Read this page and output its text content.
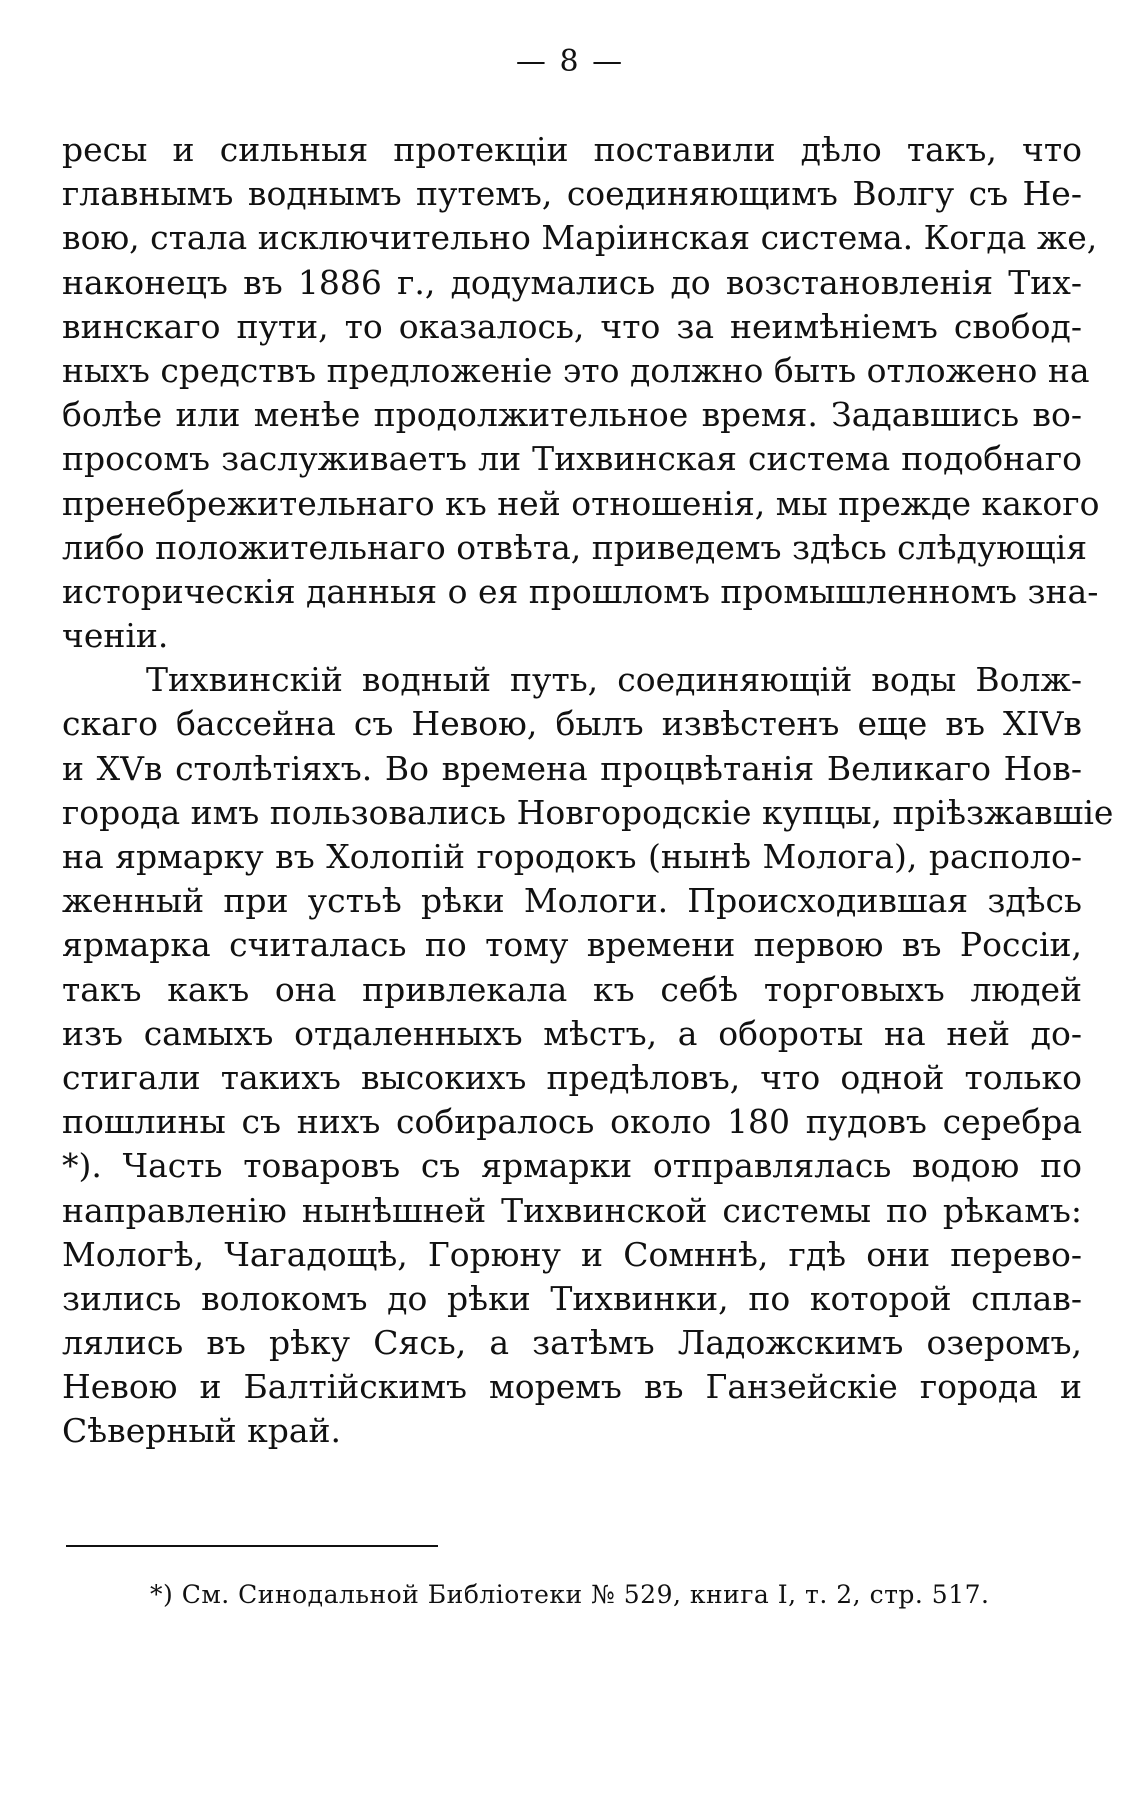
— 8 —
ресы и сильныя протекціи поставили дѣло такъ, что
главнымъ воднымъ путемъ, соединяющимъ Волгу съ Не-
вою, стала исключительно Маріинская система. Когда же,
наконецъ въ 1886 г., додумались до возстановленія Тих-
винскаго пути, то оказалось, что за неимѣніемъ свобод-
ныхъ средствъ предложеніе это должно быть отложено на
болѣе или менѣе продолжительное время. Задавшись во-
просомъ заслуживаетъ ли Тихвинская система подобнаго
пренебрежительнаго къ ней отношенія, мы прежде какого
либо положительнаго отвѣта, приведемъ здѣсь слѣдующія
историческія данныя о ея прошломъ промышленномъ зна-
ченіи.
Тихвинскій водный путь, соединяющій воды Волж-
скаго бассейна съ Невою, былъ извѣстенъ еще въ XIVв
и XVв столѣтіяхъ. Во времена процвѣтанія Великаго Нов-
города имъ пользовались Новгородскіе купцы, пріѣзжавшіе
на ярмарку въ Холопій городокъ (нынѣ Молога), располо-
женный при устьѣ рѣки Мологи. Происходившая здѣсь
ярмарка считалась по тому времени первою въ Россіи,
такъ какъ она привлекала къ себѣ торговыхъ людей
изъ самыхъ отдаленныхъ мѣстъ, а обороты на ней до-
стигали такихъ высокихъ предѣловъ, что одной только
пошлины съ нихъ собиралось около 180 пудовъ серебра
*). Часть товаровъ съ ярмарки отправлялась водою по
направленію нынѣшней Тихвинской системы по рѣкамъ:
Мологѣ, Чагадощѣ, Горюну и Сомннѣ, гдѣ они перево-
зились волокомъ до рѣки Тихвинки, по которой сплав-
лялись въ рѣку Сясь, а затѣмъ Ладожскимъ озеромъ,
Невою и Балтійскимъ моремъ въ Ганзейскіе города и
Сѣверный край.
*) См. Синодальной Библіотеки № 529, книга I, т. 2, стр. 517.
